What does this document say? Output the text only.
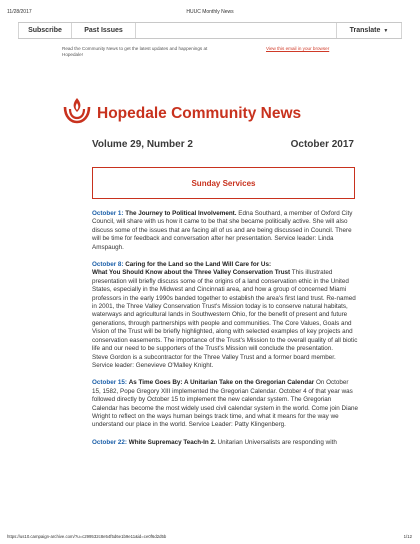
11/28/2017	HUUC Monthly News
Subscribe	Past Issues	Translate ▼
Read the Community News to get the latest updates and happenings at Hopedale!
View this email in your browser
Hopedale Community News
Volume 29, Number 2	October 2017
Sunday Services

October 1: The Journey to Political Involvement. Edna Southard, a member of Oxford City Council, will share with us how it came to be that she became politically active. She will also discuss some of the issues that are facing all of us and are being discussed in Council. There will be time for feedback and conversation after her presentation. Service leader: Linda Amspaugh.

October 8: Caring for the Land so the Land Will Care for Us:
What You Should Know about the Three Valley Conservation Trust This illustrated presentation will briefly discuss some of the origins of a land conservation ethic in the United States, especially in the Midwest and Cincinnati area, and how a group of concerned Miami professors in the early 1990s banded together to establish the area's first land trust. Re-named in 2001, the Three Valley Conservation Trust's Mission today is to conserve natural habitats, waterways and agricultural lands in Southwestern Ohio, for the benefit of present and future generations, through partnerships with people and communities. The Core Values, Goals and Vision of the Trust will be briefly highlighted, along with selected examples of key projects and conservation easements. The importance of the Trust's Mission to the overall quality of all biotic life and our need to be supporters of the Trust's Mission will conclude the presentation.
Steve Gordon is a subcontractor for the Three Valley Trust and a former board member. Service leader: Genevieve O'Malley Knight.

October 15: As Time Goes By: A Unitarian Take on the Gregorian Calendar On October 15, 1582, Pope Gregory XIII implemented the Gregorian Calendar. October 4 of that year was followed directly by October 15 to implement the new calendar system. The Gregorian Calendar has become the most widely used civil calendar system in the world. Come join Diane Wright to reflect on the ways human beings track time, and what it means for the way we understand our place in the world. Service Leader: Patty Klingenberg.

October 22: White Supremacy Teach-In 2. Unitarian Universalists are responding with

https://us10.campaign-archive.com/?u=c299532c8e54f5d6e1b9e11&id=ce0f6d2d5b	1/12
